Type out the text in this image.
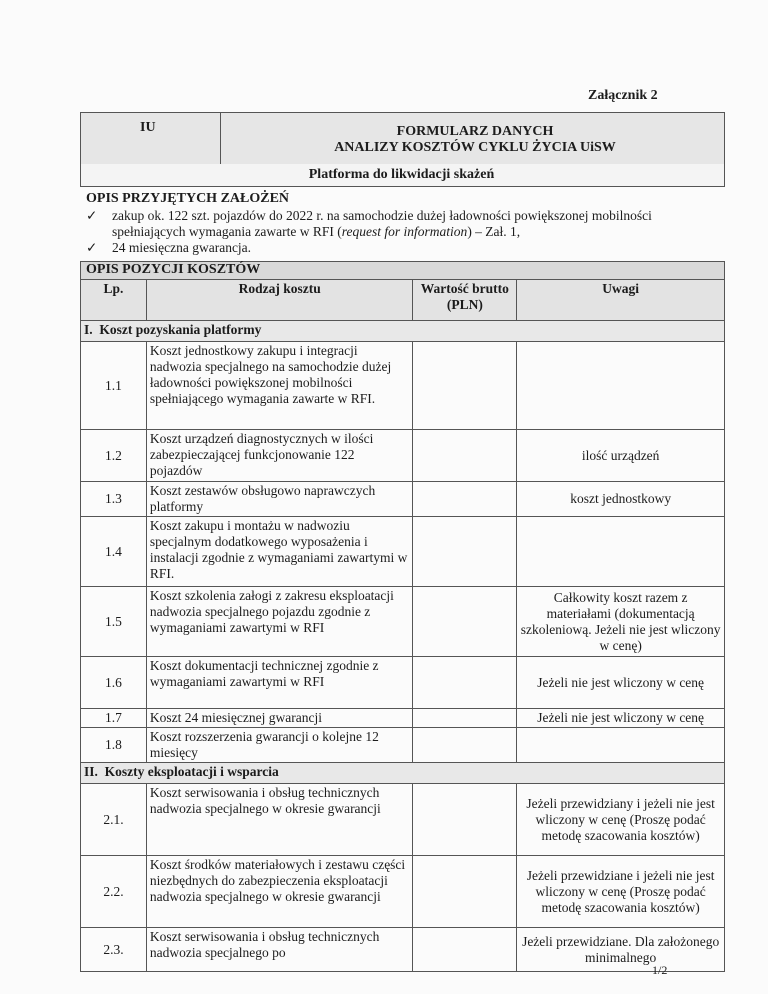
Załącznik 2
IU	FORMULARZ DANYCH
ANALIZY KOSZTÓW CYKLU ŻYCIA UiSW
Platforma do likwidacji skażeń
OPIS PRZYJĘTYCH ZAŁOŻEŃ
✓	zakup ok. 122 szt. pojazdów do 2022 r. na samochodzie dużej ładowności powiększonej mobilności spełniających wymagania zawarte w RFI (request for information) – Zał. 1,
✓	24 miesięczna gwarancja.
OPIS POZYCJI KOSZTÓW
Lp.	Rodzaj kosztu	Wartość brutto (PLN)	Uwagi
I. Koszt pozyskania platformy			
1.1	Koszt jednostkowy zakupu i integracji nadwozia specjalnego na samochodzie dużej ładowności powiększonej mobilności spełniającego wymagania zawarte w RFI.		
1.2	Koszt urządzeń diagnostycznych w ilości zabezpieczającej funkcjonowanie 122 pojazdów		ilość urządzeń
1.3	Koszt zestawów obsługowo naprawczych platformy		koszt jednostkowy
1.4	Koszt zakupu i montażu w nadwoziu specjalnym dodatkowego wyposażenia i instalacji zgodnie z wymaganiami zawartymi w RFI.		
1.5	Koszt szkolenia załogi z zakresu eksploatacji nadwozia specjalnego pojazdu zgodnie z wymaganiami zawartymi w RFI		Całkowity koszt razem z materiałami (dokumentacją szkoleniową. Jeżeli nie jest wliczony w cenę)
1.6	Koszt dokumentacji technicznej zgodnie z wymaganiami zawartymi w RFI		Jeżeli nie jest wliczony w cenę
1.7	Koszt 24 miesięcznej gwarancji		Jeżeli nie jest wliczony w cenę
1.8	Koszt rozszerzenia gwarancji o kolejne 12 miesięcy		
II. Koszty eksploatacji i wsparcia			
2.1.	Koszt serwisowania i obsług technicznych nadwozia specjalnego w okresie gwarancji		Jeżeli przewidziany i jeżeli nie jest wliczony w cenę (Proszę podać metodę szacowania kosztów)
2.2.	Koszt środków materiałowych i zestawu części niezbędnych do zabezpieczenia eksploatacji nadwozia specjalnego w okresie gwarancji		Jeżeli przewidziane i jeżeli nie jest wliczony w cenę (Proszę podać metodę szacowania kosztów)
2.3.	Koszt serwisowania i obsług technicznych nadwozia specjalnego po		Jeżeli przewidziane. Dla założonego minimalnego
1/2
